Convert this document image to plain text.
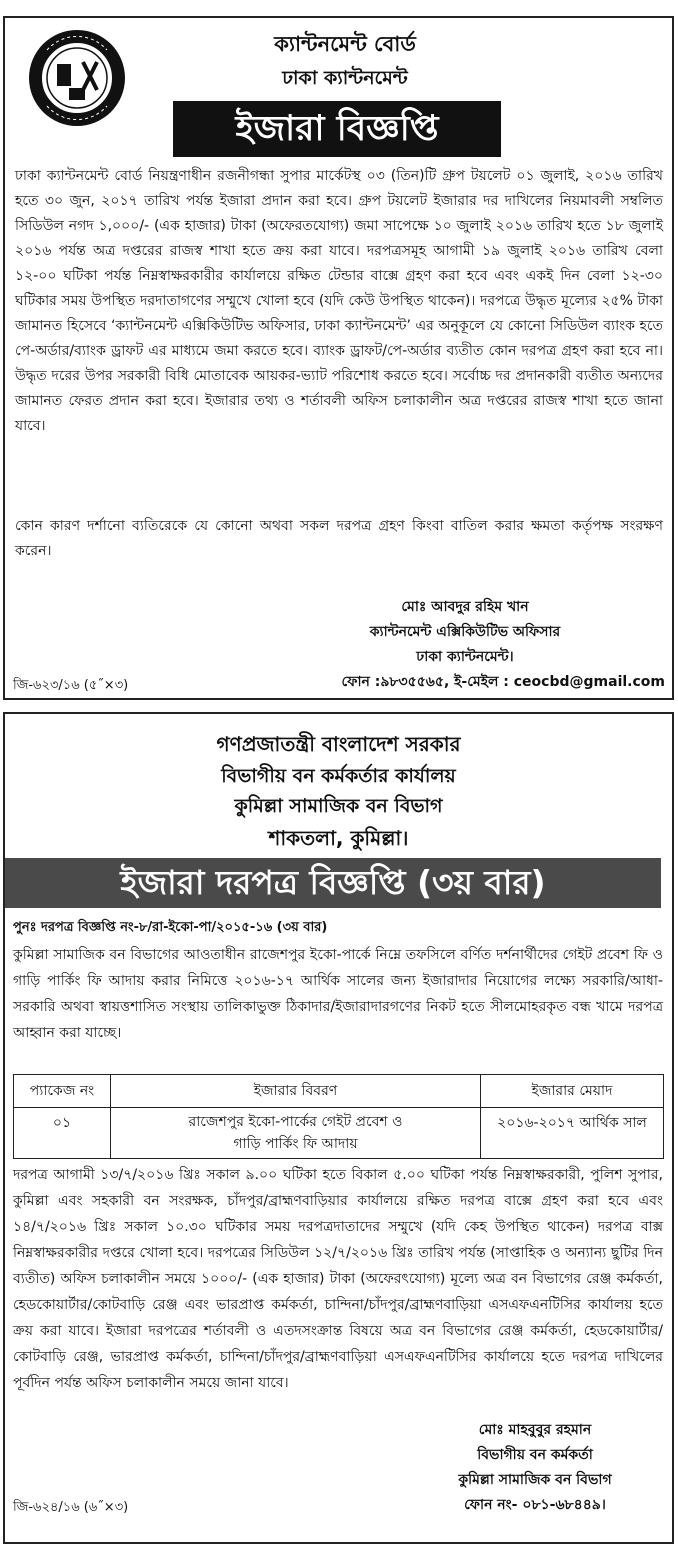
ক্যান্টনমেন্ট বোর্ড
ঢাকা ক্যান্টনমেন্ট
ইজারা বিজ্ঞপ্তি
ঢাকা ক্যান্টনমেন্ট বোর্ড নিয়ন্ত্রণাধীন রজনীগন্ধা সুপার মার্কেটস্থ ০৩ (তিন)টি গ্রুপ টয়লেট ০১ জুলাই, ২০১৬ তারিখ হতে ৩০ জুন, ২০১৭ তারিখ পর্যন্ত ইজারা প্রদান করা হবে। গ্রুপ টয়লেট ইজারার দর দাখিলের নিয়মাবলী সম্বলিত সিডিউল নগদ ১,০০০/- (এক হাজার) টাকা (অফেরতযোগ্য) জমা সাপেক্ষে ১০ জুলাই ২০১৬ তারিখ হতে ১৮ জুলাই ২০১৬ পর্যন্ত অত্র দপ্তরের রাজস্ব শাখা হতে ক্রয় করা যাবে। দরপত্রসমূহ আগামী ১৯ জুলাই ২০১৬ তারিখ বেলা ১২-০০ ঘটিকা পর্যন্ত নিম্নস্বাক্ষরকারীর কার্যালয়ে রক্ষিত টেন্ডার বাক্সে গ্রহণ করা হবে এবং একই দিন বেলা ১২-৩০ ঘটিকার সময় উপস্থিত দরদাতাগণের সম্মুখে খোলা হবে (যদি কেউ উপস্থিত থাকেন)। দরপত্রে উদ্ধৃত মূল্যের ২৫% টাকা জামানত হিসেবে ‘ক্যান্টনমেন্ট এক্সিকিউটিভ অফিসার, ঢাকা ক্যান্টনমেন্ট’ এর অনুকূলে যে কোনো সিডিউল ব্যাংক হতে পে-অর্ডার/ব্যাংক ড্রাফট এর মাধ্যমে জমা করতে হবে। ব্যাংক ড্রাফট/পে-অর্ডার ব্যতীত কোন দরপত্র গ্রহণ করা হবে না। উদ্ধৃত দরের উপর সরকারী বিধি মোতাবেক আয়কর-ভ্যাট পরিশোধ করতে হবে। সর্বোচ্চ দর প্রদানকারী ব্যতীত অন্যদের জামানত ফেরত প্রদান করা হবে। ইজারার তথ্য ও শর্তাবলী অফিস চলাকালীন অত্র দপ্তরের রাজস্ব শাখা হতে জানা যাবে।
কোন কারণ দর্শানো ব্যতিরেকে যে কোনো অথবা সকল দরপত্র গ্রহণ কিংবা বাতিল করার ক্ষমতা কর্তৃপক্ষ সংরক্ষণ করেন।
মোঃ আবদুর রহিম খান
ক্যান্টনমেন্ট এক্সিকিউটিভ অফিসার
ঢাকা ক্যান্টনমেন্ট।
ফোন :৯৮৩৫৫৬৫, ই-মেইল : ceocbd@gmail.com
জি-৬২৩/১৬ (৫˝×৩)
গণপ্রজাতন্ত্রী বাংলাদেশ সরকার
বিভাগীয় বন কর্মকর্তার কার্যালয়
কুমিল্লা সামাজিক বন বিভাগ
শাকতলা, কুমিল্লা।
ইজারা দরপত্র বিজ্ঞপ্তি (৩য় বার)
পুনঃ দরপত্র বিজ্ঞপ্তি নং-৮/রা-ইকো-পা/২০১৫-১৬ (৩য় বার)
কুমিল্লা সামাজিক বন বিভাগের আওতাধীন রাজেশপুর ইকো-পার্কে নিম্নে তফসিলে বর্ণিত দর্শনার্থীদের গেইট প্রবেশ ফি ও গাড়ি পার্কিং ফি আদায় করার নিমিত্তে ২০১৬-১৭ আর্থিক সালের জন্য ইজারাদার নিয়োগের লক্ষ্যে সরকারি/আধা-সরকারি অথবা স্বায়ত্তশাসিত সংস্থায় তালিকাভুক্ত ঠিকাদার/ইজারাদারগণের নিকট হতে সীলমোহরকৃত বন্ধ খামে দরপত্র আহ্বান করা যাচ্ছে।
প্যাকেজ নং	ইজারার বিবরণ	ইজারার মেয়াদ
০১	রাজেশপুর ইকো-পার্কের গেইট প্রবেশ ও
গাড়ি পার্কিং ফি আদায়	২০১৬-২০১৭ আর্থিক সাল
দরপত্র আগামী ১৩/৭/২০১৬ খ্রিঃ সকাল ৯.০০ ঘটিকা হতে বিকাল ৫.০০ ঘটিকা পর্যন্ত নিম্নস্বাক্ষরকারী, পুলিশ সুপার, কুমিল্লা এবং সহকারী বন সংরক্ষক, চাঁদপুর/ব্রাহ্মণবাড়িয়ার কার্যালয়ে রক্ষিত দরপত্র বাক্সে গ্রহণ করা হবে এবং ১৪/৭/২০১৬ খ্রিঃ সকাল ১০.৩০ ঘটিকার সময় দরপত্রদাতাদের সম্মুখে (যদি কেহ উপস্থিত থাকেন) দরপত্র বাক্স নিম্নস্বাক্ষরকারীর দপ্তরে খোলা হবে। দরপত্রের সিডিউল ১২/৭/২০১৬ খ্রিঃ তারিখ পর্যন্ত (সাপ্তাহিক ও অন্যান্য ছুটির দিন ব্যতীত) অফিস চলাকালীন সময়ে ১০০০/- (এক হাজার) টাকা (অফেরৎযোগ্য) মূল্যে অত্র বন বিভাগের রেঞ্জ কর্মকর্তা, হেডকোয়ার্টার/কোটবাড়ি রেঞ্জ এবং ভারপ্রাপ্ত কর্মকর্তা, চান্দিনা/চাঁদপুর/ব্রাহ্মণবাড়িয়া এসএফএনটিসির কার্যালয় হতে ক্রয় করা যাবে। ইজারা দরপত্রের শর্তাবলী ও এতদসংক্রান্ত বিষয়ে অত্র বন বিভাগের রেঞ্জ কর্মকর্তা, হেডকোয়ার্টার/কোটবাড়ি রেঞ্জ, ভারপ্রাপ্ত কর্মকর্তা, চান্দিনা/চাঁদপুর/ব্রাহ্মণবাড়িয়া এসএফএনটিসির কার্যালয়ে হতে দরপত্র দাখিলের পূর্বদিন পর্যন্ত অফিস চলাকালীন সময়ে জানা যাবে।
মোঃ মাহবুবুর রহমান
বিভাগীয় বন কর্মকর্তা
কুমিল্লা সামাজিক বন বিভাগ
ফোন নং- ০৮১-৬৮৪৪৯।
জি-৬২৪/১৬ (৬˝×৩)
